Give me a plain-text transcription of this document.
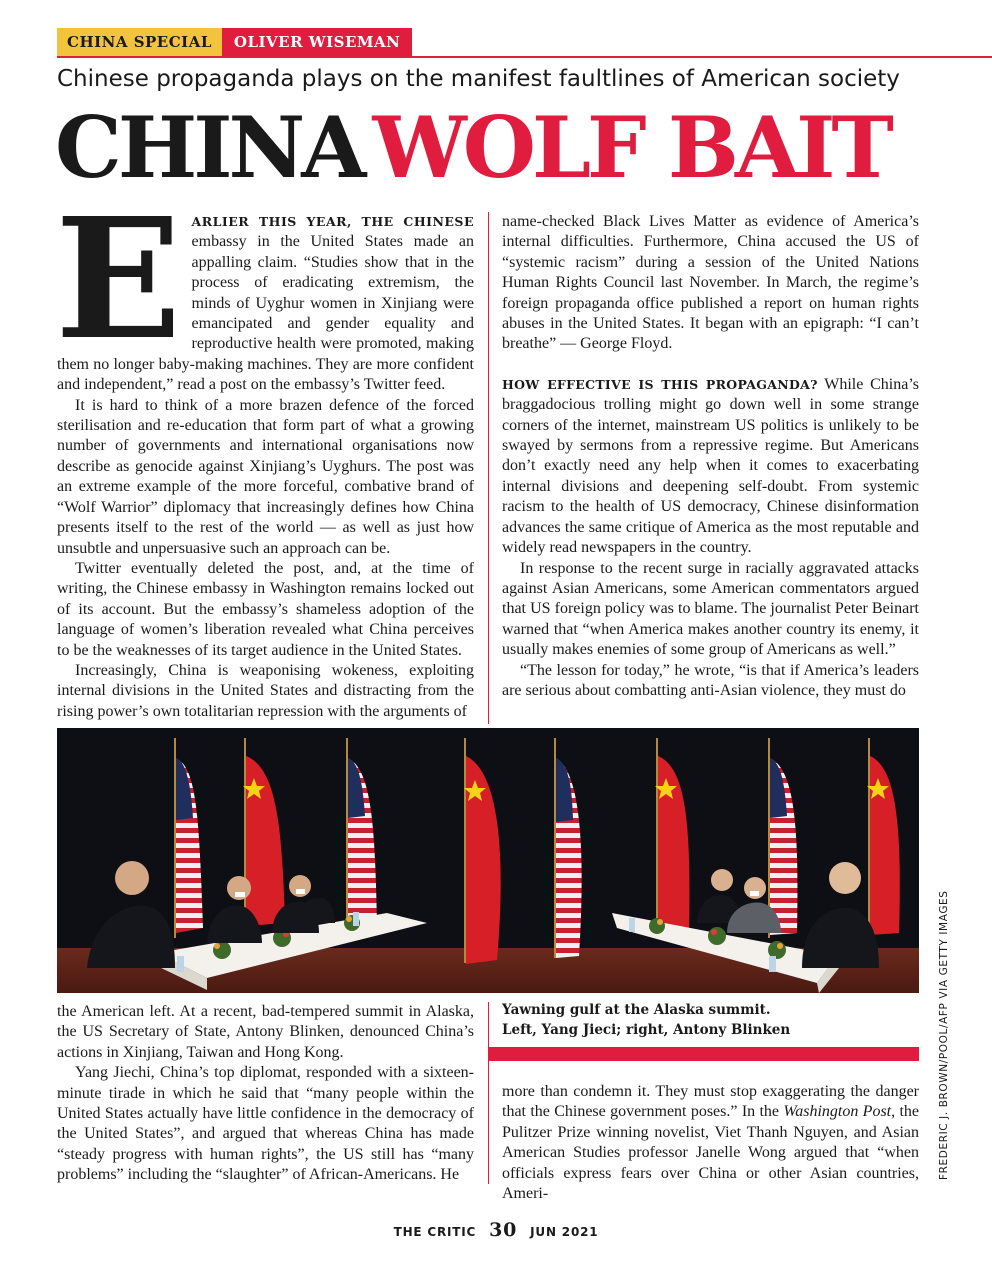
CHINA SPECIAL	OLIVER WISEMAN
Chinese propaganda plays on the manifest faultlines of American society
CHINA WOLF BAIT

EARLIER THIS YEAR, THE CHINESE embassy in the United States made an appalling claim. “Studies show that in the process of eradicating extremism, the minds of Uyghur women in Xinjiang were emancipated and gender equality and reproductive health were promoted, making them no longer baby-making machines. They are more confident and independent,” read a post on the embassy’s Twitter feed.

It is hard to think of a more brazen defence of the forced sterilisation and re-education that form part of what a growing number of governments and international organisations now describe as genocide against Xinjiang’s Uyghurs. The post was an extreme example of the more forceful, combative brand of “Wolf Warrior” diplomacy that increasingly defines how China presents itself to the rest of the world — as well as just how unsubtle and unpersuasive such an approach can be.

Twitter eventually deleted the post, and, at the time of writing, the Chinese embassy in Washington remains locked out of its account. But the embassy’s shameless adoption of the language of women’s liberation revealed what China perceives to be the weaknesses of its target audience in the United States.

Increasingly, China is weaponising wokeness, exploiting internal divisions in the United States and distracting from the rising power’s own totalitarian repression with the arguments of

name-checked Black Lives Matter as evidence of America’s internal difficulties. Furthermore, China accused the US of “systemic racism” during a session of the United Nations Human Rights Council last November. In March, the regime’s foreign propaganda office published a report on human rights abuses in the United States. It began with an epigraph: “I can’t breathe” — George Floyd.

HOW EFFECTIVE IS THIS PROPAGANDA? While China’s braggadocious trolling might go down well in some strange corners of the internet, mainstream US politics is unlikely to be swayed by sermons from a repressive regime. But Americans don’t exactly need any help when it comes to exacerbating internal divisions and deepening self-doubt. From systemic racism to the health of US democracy, Chinese disinformation advances the same critique of America as the most reputable and widely read newspapers in the country.

In response to the recent surge in racially aggravated attacks against Asian Americans, some American commentators argued that US foreign policy was to blame. The journalist Peter Beinart warned that “when America makes another country its enemy, it usually makes enemies of some group of Americans as well.”

“The lesson for today,” he wrote, “is that if America’s leaders are serious about combatting anti-Asian violence, they must do

Yawning gulf at the Alaska summit.
Left, Yang Jieci; right, Antony Blinken

the American left. At a recent, bad-tempered summit in Alaska, the US Secretary of State, Antony Blinken, denounced China’s actions in Xinjiang, Taiwan and Hong Kong.

Yang Jiechi, China’s top diplomat, responded with a sixteen-minute tirade in which he said that “many people within the United States actually have little confidence in the democracy of the United States”, and argued that whereas China has made “steady progress with human rights”, the US still has “many problems” including the “slaughter” of African-Americans. He

more than condemn it. They must stop exaggerating the danger that the Chinese government poses.” In the Washington Post, the Pulitzer Prize winning novelist, Viet Thanh Nguyen, and Asian American Studies professor Janelle Wong argued that “when officials express fears over China or other Asian countries, Ameri-

FREDERIC J. BROWN/POOL/AFP VIA GETTY IMAGES
THE CRITIC 30 JUN 2021
